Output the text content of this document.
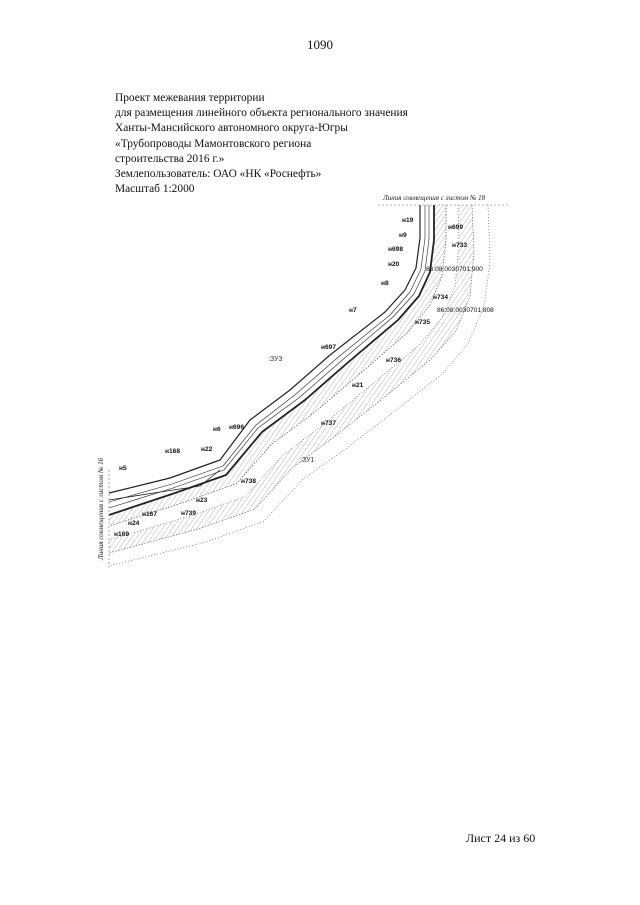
1090
Проект межевания территории
для размещения линейного объекта регионального значения
Ханты-Мансийского автономного округа-Югры
«Трубопроводы Мамонтовского региона
строительства 2016 г.»
Землепользователь: ОАО «НК «Роснефть»
Масштаб 1:2000
Линия совмещения с листом № 18
Линия совмещения с листом № 16
86:08:0030701:900
86:08:0030701:808
:ЗУ3
:ЗУ1
н19
н699
н9
н733
н698
н20
н8
н734
н7
н735
н697
н736
н21
н737
н6 н696
н168	н22
н5
н738
н23
н167	н739
н24
н169
Лист 24 из 60
